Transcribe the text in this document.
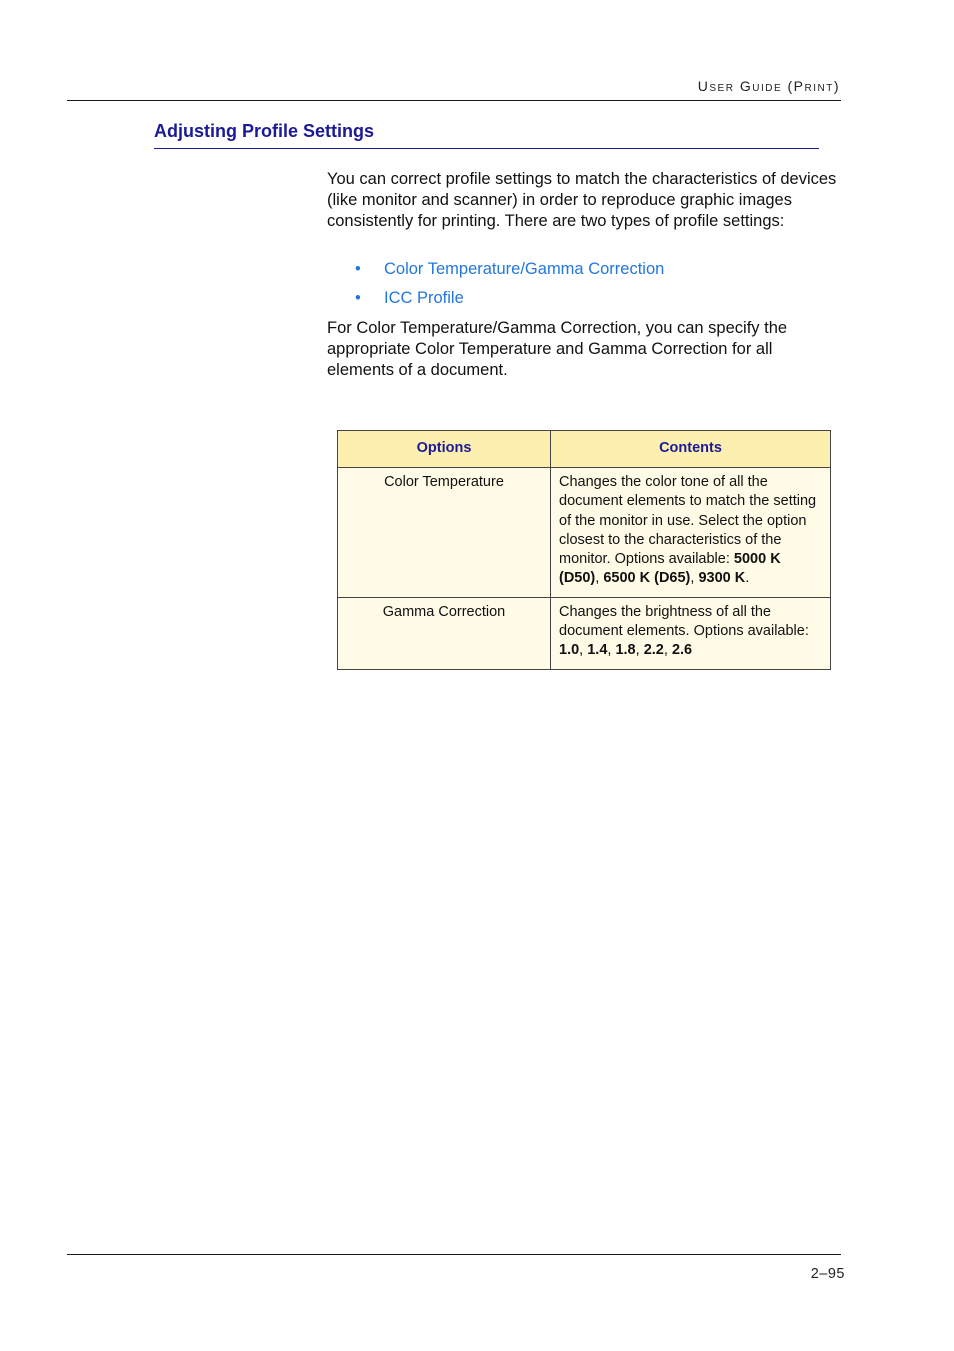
User Guide (Print)
Adjusting Profile Settings

You can correct profile settings to match the characteristics of devices (like monitor and scanner) in order to reproduce graphic images consistently for printing. There are two types of profile settings:

• Color Temperature/Gamma Correction
• ICC Profile

For Color Temperature/Gamma Correction, you can specify the appropriate Color Temperature and Gamma Correction for all elements of a document.

Options	Contents
Color Temperature	Changes the color tone of all the document elements to match the setting of the monitor in use. Select the option closest to the characteristics of the monitor. Options available: 5000 K (D50), 6500 K (D65), 9300 K.
Gamma Correction	Changes the brightness of all the document elements. Options available: 1.0, 1.4, 1.8, 2.2, 2.6
2–95
